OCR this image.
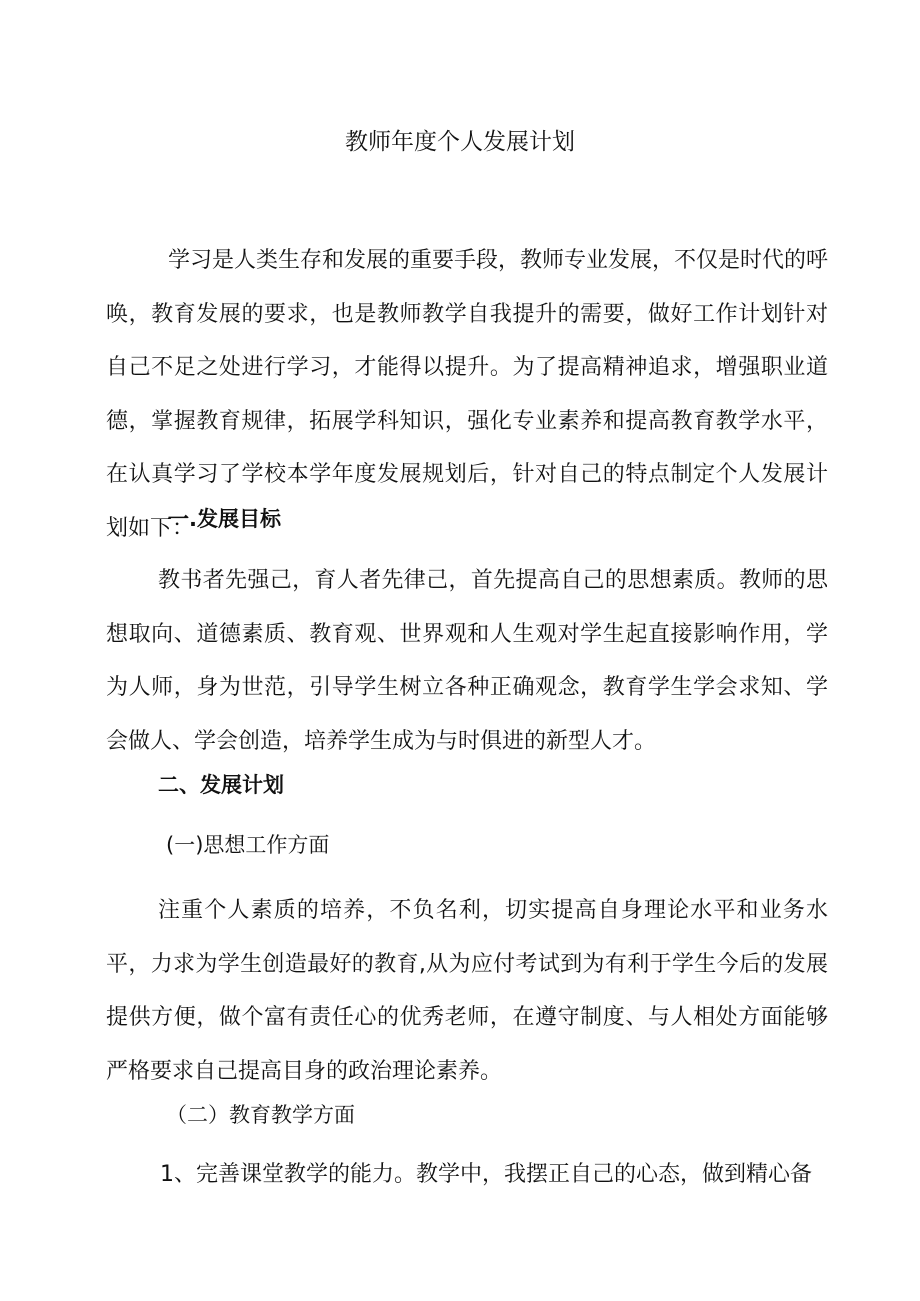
教师年度个人发展计划

学习是人类生存和发展的重要手段，教师专业发展，不仅是时代的呼唤，教育发展的要求，也是教师教学自我提升的需要，做好工作计划针对自己不足之处进行学习，才能得以提升。为了提高精神追求，增强职业道德，掌握教育规律，拓展学科知识，强化专业素养和提高教育教学水平，在认真学习了学校本学年度发展规划后，针对自己的特点制定个人发展计划如下：

一.发展目标

教书者先强己，育人者先律己，首先提高自己的思想素质。教师的思想取向、道德素质、教育观、世界观和人生观对学生起直接影响作用，学为人师，身为世范，引导学生树立各种正确观念，教育学生学会求知、学会做人、学会创造，培养学生成为与时俱进的新型人才。

二、发展计划
(一)思想工作方面

注重个人素质的培养，不负名利，切实提高自身理论水平和业务水平，力求为学生创造最好的教育,从为应付考试到为有利于学生今后的发展提供方便，做个富有责任心的优秀老师，在遵守制度、与人相处方面能够严格要求自己提高目身的政治理论素养。

（二）教育教学方面
1、完善课堂教学的能力。教学中，我摆正自己的心态，做到精心备
